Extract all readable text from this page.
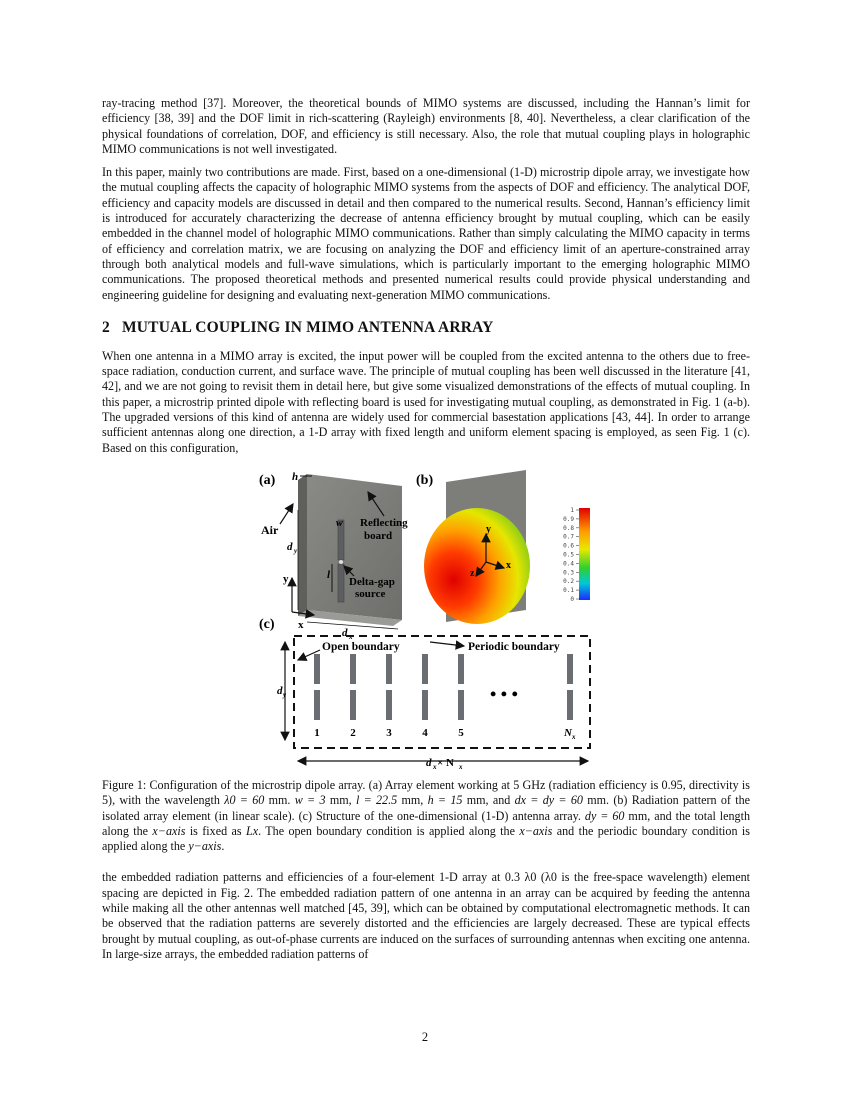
ray-tracing method [37]. Moreover, the theoretical bounds of MIMO systems are discussed, including the Hannan’s limit for efficiency [38, 39] and the DOF limit in rich-scattering (Rayleigh) environments [8, 40]. Nevertheless, a clear clarification of the physical foundations of correlation, DOF, and efficiency is still necessary. Also, the role that mutual coupling plays in holographic MIMO communications is not well investigated.

In this paper, mainly two contributions are made. First, based on a one-dimensional (1-D) microstrip dipole array, we investigate how the mutual coupling affects the capacity of holographic MIMO systems from the aspects of DOF and efficiency. The analytical DOF, efficiency and capacity models are discussed in detail and then compared to the numerical results. Second, Hannan’s efficiency limit is introduced for accurately characterizing the decrease of antenna efficiency brought by mutual coupling, which can be easily embedded in the channel model of holographic MIMO communications. Rather than simply calculating the MIMO capacity in terms of efficiency and correlation matrix, we are focusing on analyzing the DOF and efficiency limit of an aperture-constrained array through both analytical models and full-wave simulations, which is particularly important to the emerging holographic MIMO communications. The proposed theoretical methods and presented numerical results could provide physical understanding and engineering guideline for designing and evaluating next-generation MIMO communications.

2 MUTUAL COUPLING IN MIMO ANTENNA ARRAY

When one antenna in a MIMO array is excited, the input power will be coupled from the excited antenna to the others due to free-space radiation, conduction current, and surface wave. The principle of mutual coupling has been well discussed in the literature [41, 42], and we are not going to revisit them in detail here, but give some visualized demonstrations of the effects of mutual coupling. In this paper, a microstrip printed dipole with reflecting board is used for investigating mutual coupling, as demonstrated in Fig. 1 (a-b). The upgraded versions of this kind of antenna are widely used for commercial basestation applications [43, 44]. In order to arrange sufficient antennas along one direction, a 1-D array with fixed length and uniform element spacing is employed, as seen Fig. 1 (c). Based on this configuration,

(a) h
Air	Reflecting
board
w
l
Delta-gap
source
d y
y
x
d x
(b)
y
x
z
1
0.9
0.8
0.7
0.6
0.5
0.4
0.3
0.2
0.1
0
(c)
d y
Open boundary	Periodic boundary
• • •
1	2	3	4	5	N x
d x × N x

Figure 1: Configuration of the microstrip dipole array. (a) Array element working at 5 GHz (radiation efficiency is 0.95, directivity is 5), with the wavelength λ0 = 60 mm. w = 3 mm, l = 22.5 mm, h = 15 mm, and dx = dy = 60 mm. (b) Radiation pattern of the isolated array element (in linear scale). (c) Structure of the one-dimensional (1-D) antenna array. dy = 60 mm, and the total length along the x−axis is fixed as Lx. The open boundary condition is applied along the x−axis and the periodic boundary condition is applied along the y−axis.

the embedded radiation patterns and efficiencies of a four-element 1-D array at 0.3 λ0 (λ0 is the free-space wavelength) element spacing are depicted in Fig. 2. The embedded radiation pattern of one antenna in an array can be acquired by feeding the antenna while making all the other antennas well matched [45, 39], which can be obtained by computational electromagnetic methods. It can be observed that the radiation patterns are severely distorted and the efficiencies are largely decreased. These are typical effects brought by mutual coupling, as out-of-phase currents are induced on the surfaces of surrounding antennas when exciting one antenna. In large-size arrays, the embedded radiation patterns of

2
